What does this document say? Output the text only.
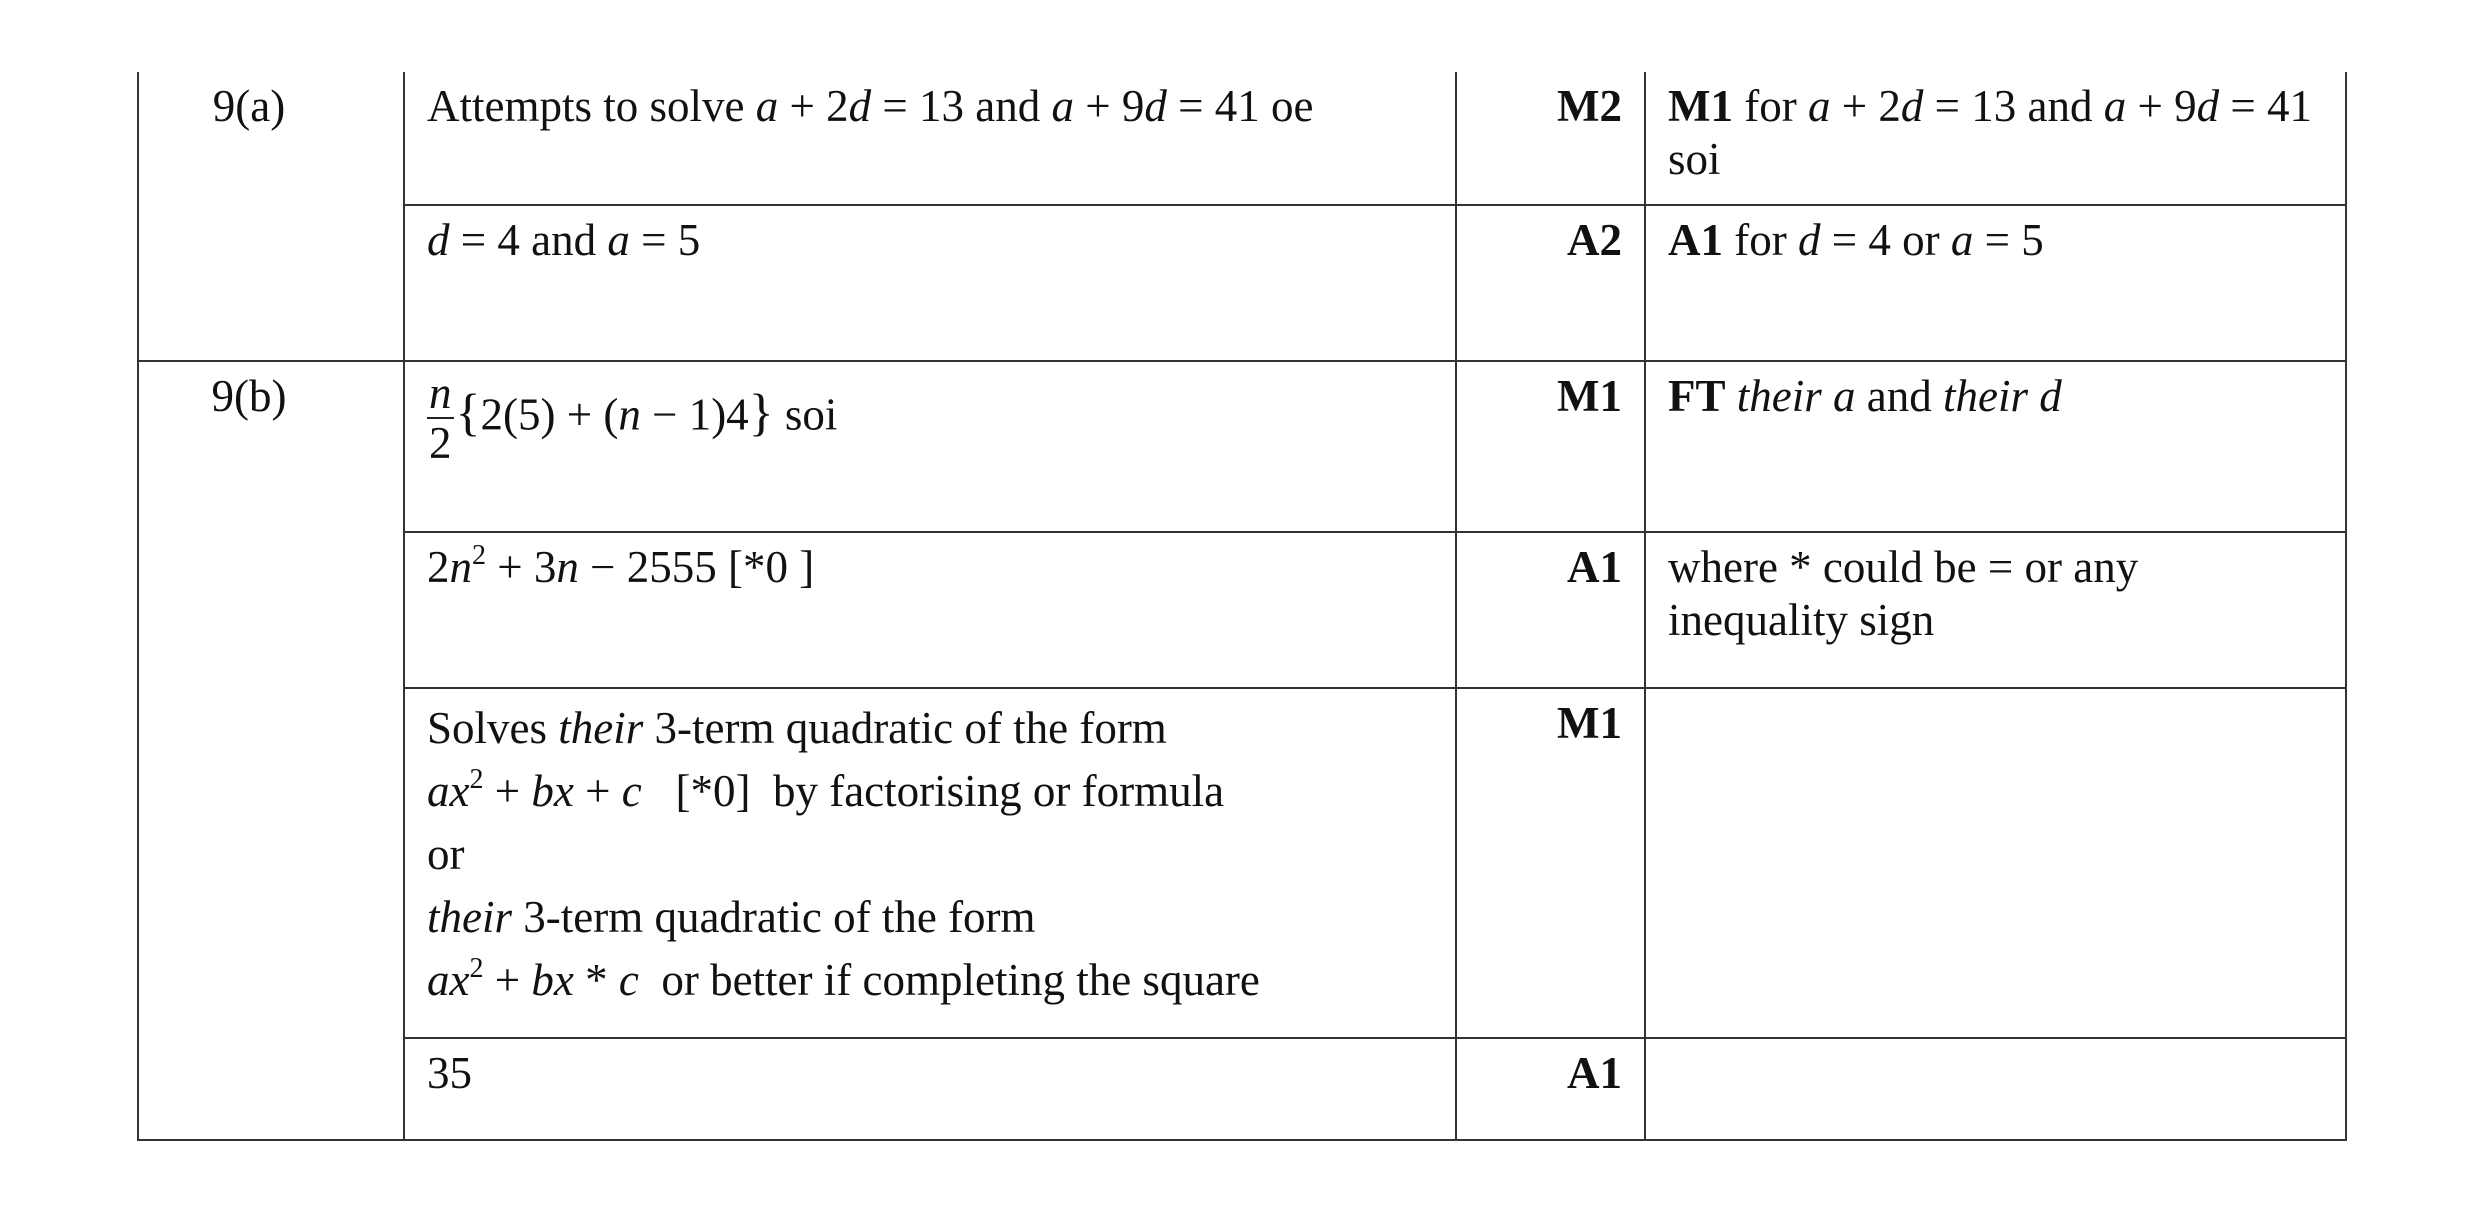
9(a)	Attempts to solve a + 2d = 13 and a + 9d = 41 oe	M2	M1 for a + 2d = 13 and a + 9d = 41 soi
	d = 4 and a = 5	A2	A1 for d = 4 or a = 5
9(b)	$\frac{n}{2} \{2(5) + (n - 1)4\}$ soi	M1	FT their a and their d
	$2n^2 + 3n - 2555$ [*0 ]	A1	where * could be = or any
inequality sign

	Solves their 3-term quadratic of the form
$ax^2$ + bx + c   [*0]  by factorising or formula
or
their 3-term quadratic of the form
$ax^2$ + bx * c  or better if completing the square	M1	
	35	A1	
